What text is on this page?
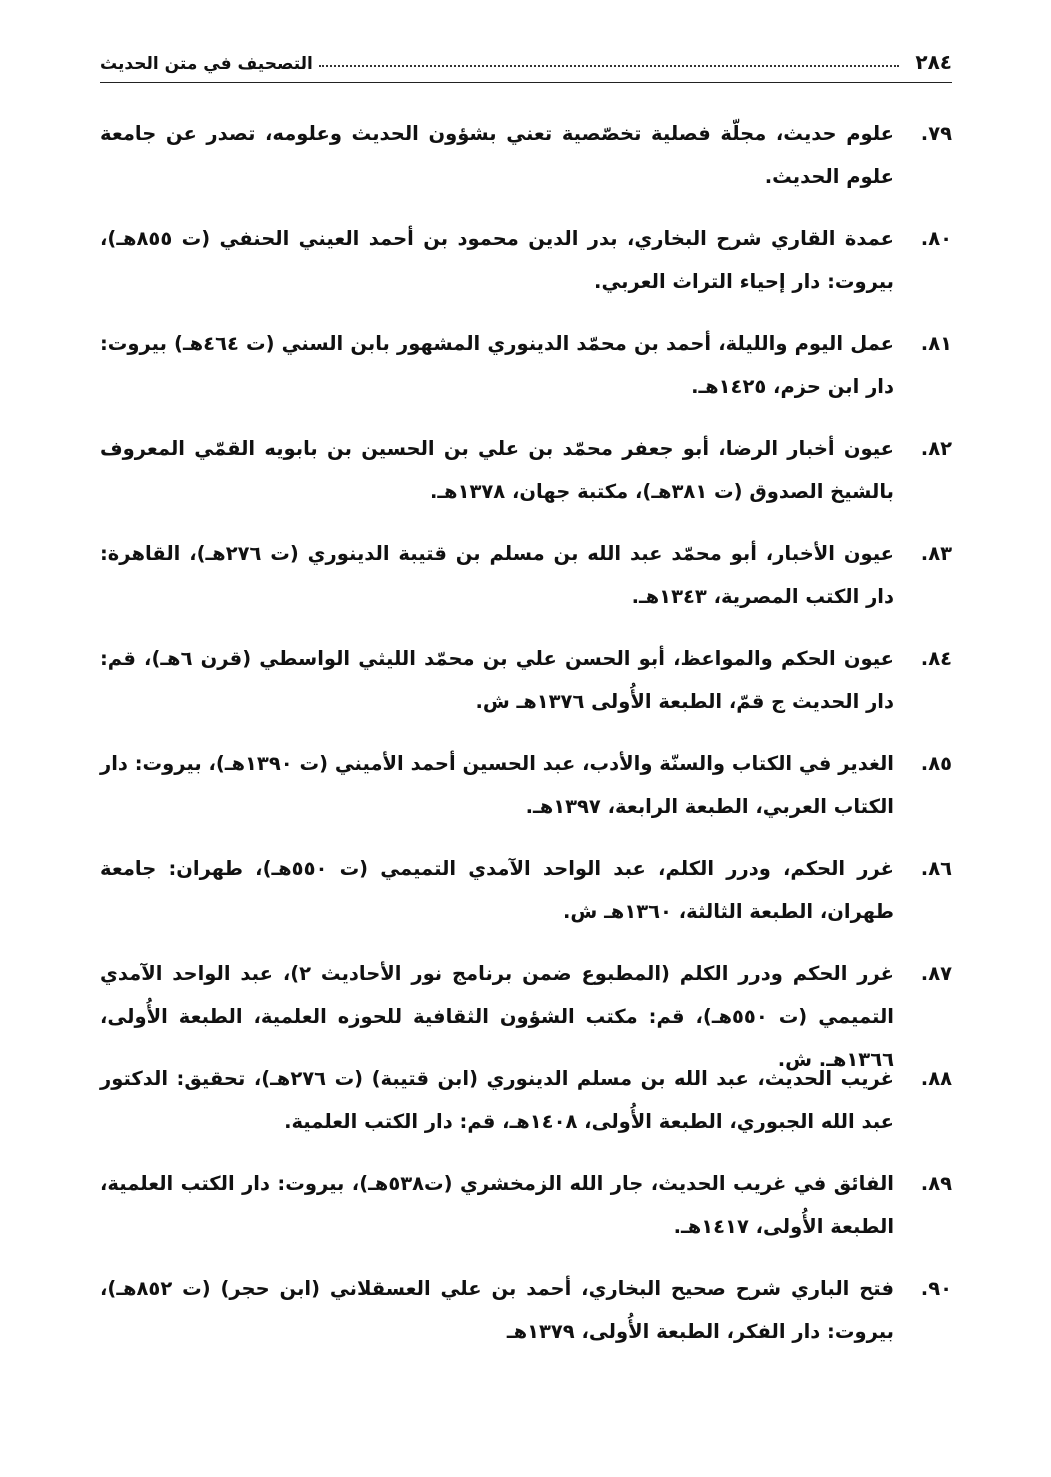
٢٨٤
التصحيف في متن الحديث
٧٩.
علوم حديث، مجلّة فصلية تخصّصية تعني بشؤون الحديث وعلومه، تصدر عن جامعة علوم الحديث.
٨٠.
عمدة القاري شرح البخاري، بدر الدين محمود بن أحمد العيني الحنفي (ت ٨٥٥هـ)، بيروت: دار إحياء التراث العربي.
٨١.
عمل اليوم والليلة، أحمد بن محمّد الدينوري المشهور بابن السني (ت ٤٦٤هـ) بيروت: دار ابن حزم، ١٤٢٥هـ.
٨٢.
عيون أخبار الرضا، أبو جعفر محمّد بن علي بن الحسين بن بابويه القمّي المعروف بالشيخ الصدوق (ت ٣٨١هـ)، مكتبة جهان، ١٣٧٨هـ.
٨٣.
عيون الأخبار، أبو محمّد عبد الله بن مسلم بن قتيبة الدينوري (ت ٢٧٦هـ)، القاهرة: دار الكتب المصرية، ١٣٤٣هـ.
٨٤.
عيون الحكم والمواعظ، أبو الحسن علي بن محمّد الليثي الواسطي (قرن ٦هـ)، قم: دار الحديث ج قمّ، الطبعة الأُولى ١٣٧٦هـ ش.
٨٥.
الغدير في الكتاب والسنّة والأدب، عبد الحسين أحمد الأميني (ت ١٣٩٠هـ)، بيروت: دار الكتاب العربي، الطبعة الرابعة، ١٣٩٧هـ.
٨٦.
غرر الحكم، ودرر الكلم، عبد الواحد الآمدي التميمي (ت ٥٥٠هـ)، طهران: جامعة طهران، الطبعة الثالثة، ١٣٦٠هـ ش.
٨٧.
غرر الحكم ودرر الكلم (المطبوع ضمن برنامج نور الأحاديث ٢)، عبد الواحد الآمدي التميمي (ت ٥٥٠هـ)، قم: مكتب الشؤون الثقافية للحوزه العلمية، الطبعة الأُولى، ١٣٦٦هـ. ش.
٨٨.
غريب الحديث، عبد الله بن مسلم الدينوري (ابن قتيبة) (ت ٢٧٦هـ)، تحقيق: الدكتور عبد الله الجبوري، الطبعة الأُولى، ١٤٠٨هـ، قم: دار الكتب العلمية.
٨٩.
الفائق في غريب الحديث، جار الله الزمخشري (ت٥٣٨هـ)، بيروت: دار الكتب العلمية، الطبعة الأُولى، ١٤١٧هـ.
٩٠.
فتح الباري شرح صحيح البخاري، أحمد بن علي العسقلاني (ابن حجر) (ت ٨٥٢هـ)، بيروت: دار الفكر، الطبعة الأُولى، ١٣٧٩هـ
